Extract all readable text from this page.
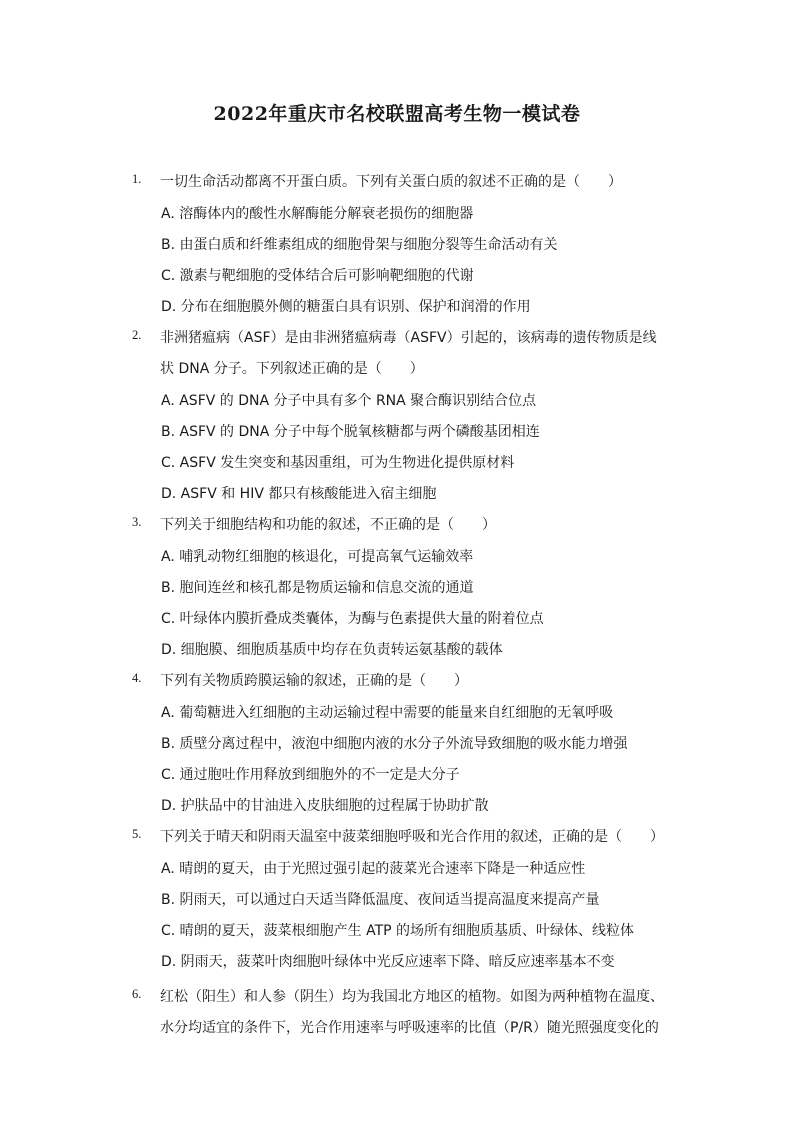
2022年重庆市名校联盟高考生物一模试卷
1. 一切生命活动都离不开蛋白质。下列有关蛋白质的叙述不正确的是（　　）
A. 溶酶体内的酸性水解酶能分解衰老损伤的细胞器
B. 由蛋白质和纤维素组成的细胞骨架与细胞分裂等生命活动有关
C. 激素与靶细胞的受体结合后可影响靶细胞的代谢
D. 分布在细胞膜外侧的糖蛋白具有识别、保护和润滑的作用
2. 非洲猪瘟病（ASF）是由非洲猪瘟病毒（ASFV）引起的，该病毒的遗传物质是线
状 DNA 分子。下列叙述正确的是（　　）
A. ASFV 的 DNA 分子中具有多个 RNA 聚合酶识别结合位点
B. ASFV 的 DNA 分子中每个脱氧核糖都与两个磷酸基团相连
C. ASFV 发生突变和基因重组，可为生物进化提供原材料
D. ASFV 和 HIV 都只有核酸能进入宿主细胞
3. 下列关于细胞结构和功能的叙述，不正确的是（　　）
A. 哺乳动物红细胞的核退化，可提高氧气运输效率
B. 胞间连丝和核孔都是物质运输和信息交流的通道
C. 叶绿体内膜折叠成类囊体，为酶与色素提供大量的附着位点
D. 细胞膜、细胞质基质中均存在负责转运氨基酸的载体
4. 下列有关物质跨膜运输的叙述，正确的是（　　）
A. 葡萄糖进入红细胞的主动运输过程中需要的能量来自红细胞的无氧呼吸
B. 质壁分离过程中，液泡中细胞内液的水分子外流导致细胞的吸水能力增强
C. 通过胞吐作用释放到细胞外的不一定是大分子
D. 护肤品中的甘油进入皮肤细胞的过程属于协助扩散
5. 下列关于晴天和阴雨天温室中菠菜细胞呼吸和光合作用的叙述，正确的是（　　）
A. 晴朗的夏天，由于光照过强引起的菠菜光合速率下降是一种适应性
B. 阴雨天，可以通过白天适当降低温度、夜间适当提高温度来提高产量
C. 晴朗的夏天，菠菜根细胞产生 ATP 的场所有细胞质基质、叶绿体、线粒体
D. 阴雨天，菠菜叶肉细胞叶绿体中光反应速率下降、暗反应速率基本不变
6. 红松（阳生）和人参（阴生）均为我国北方地区的植物。如图为两种植物在温度、
水分均适宜的条件下，光合作用速率与呼吸速率的比值（P/R）随光照强度变化的
